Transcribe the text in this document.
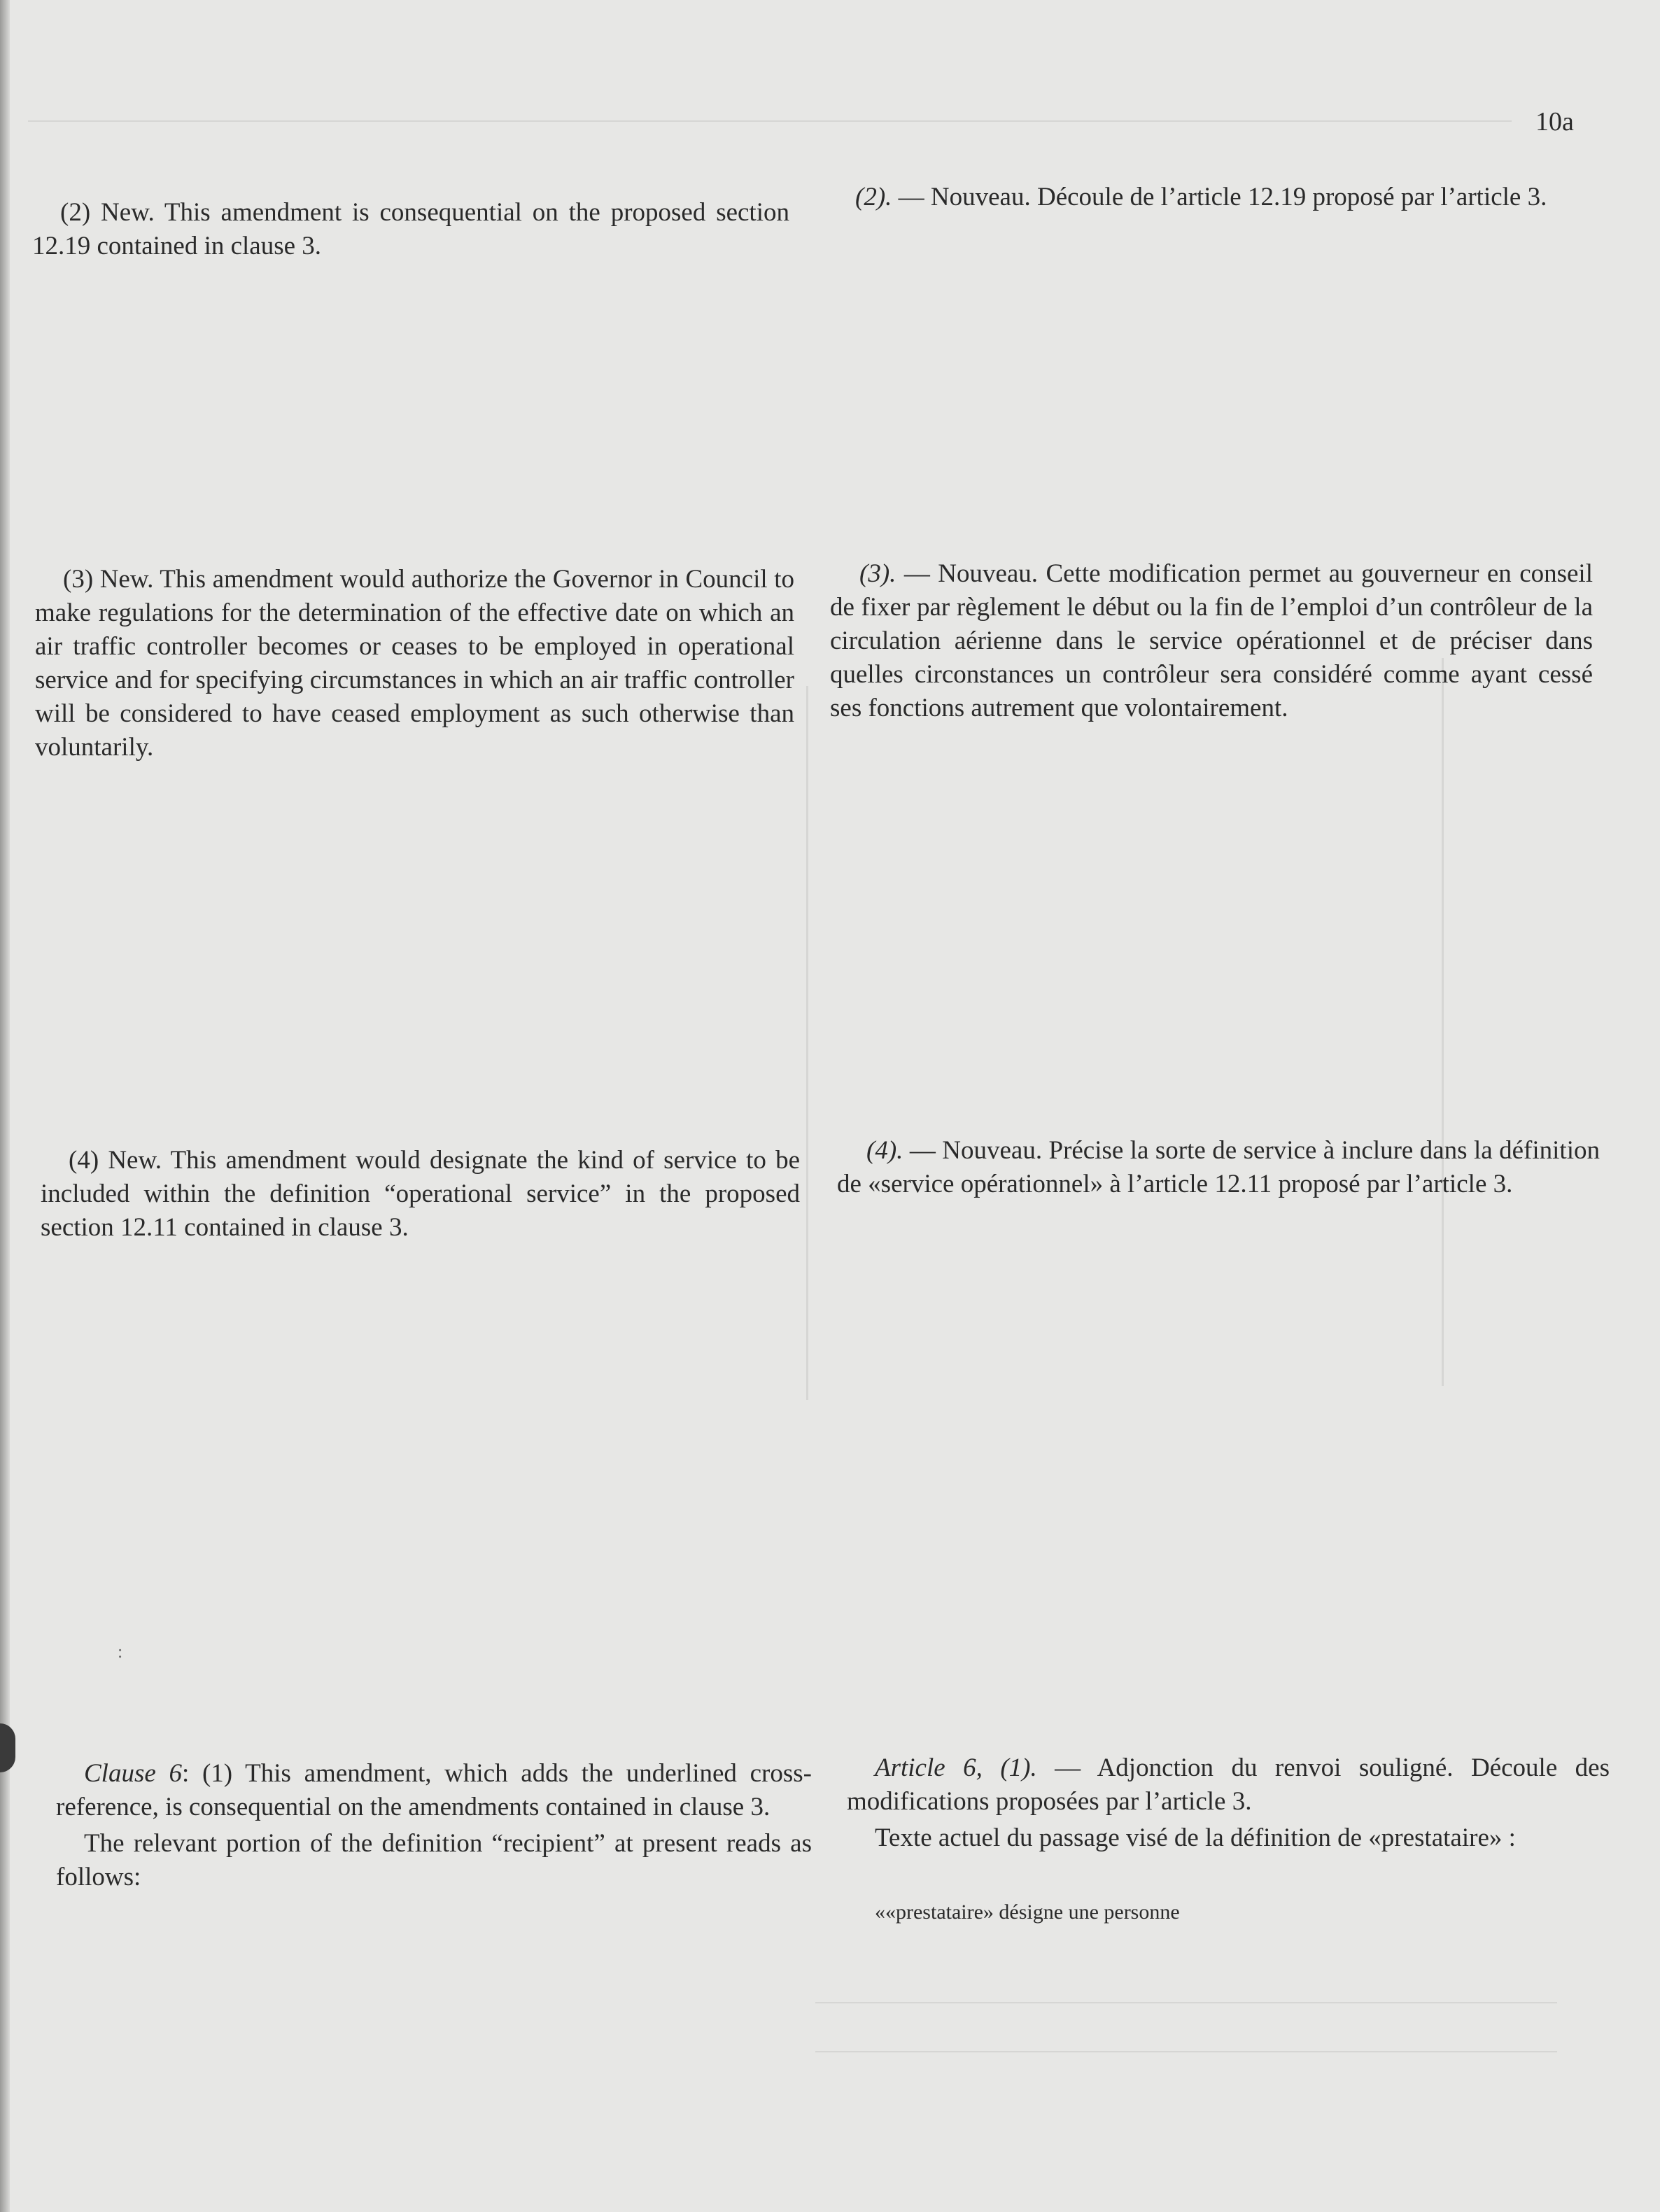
10a

(2) New. This amendment is consequential on the proposed section 12.19 contained in clause 3.

(3) New. This amendment would authorize the Governor in Council to make regulations for the determination of the effective date on which an air traffic controller becomes or ceases to be employed in operational service and for specifying circumstances in which an air traffic controller will be considered to have ceased employment as such otherwise than voluntarily.

(4) New. This amendment would designate the kind of service to be included within the definition “operational service” in the proposed section 12.11 contained in clause 3.

Clause 6: (1) This amendment, which adds the underlined cross-reference, is consequential on the amendments contained in clause 3.

The relevant portion of the definition “recipient” at present reads as follows:

:

(2). — Nouveau. Découle de l’article 12.19 proposé par l’article 3.

(3). — Nouveau. Cette modification permet au gouverneur en conseil de fixer par règlement le début ou la fin de l’emploi d’un contrôleur de la circulation aérienne dans le service opérationnel et de préciser dans quelles circonstances un contrôleur sera considéré comme ayant cessé ses fonctions autrement que volontairement.

(4). — Nouveau. Précise la sorte de service à inclure dans la définition de «service opérationnel» à l’article 12.11 proposé par l’article 3.

Article 6, (1). — Adjonction du renvoi souligné. Découle des modifications proposées par l’article 3.

Texte actuel du passage visé de la définition de «prestataire» :

««prestataire» désigne une personne
